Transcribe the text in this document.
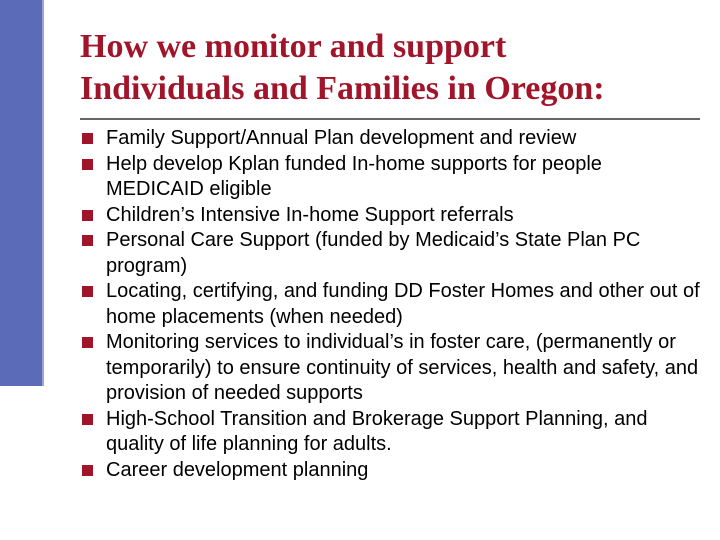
How we monitor and support
Individuals and Families in Oregon:
Family Support/Annual Plan development and review
Help develop Kplan funded In-home supports for people MEDICAID eligible
Children’s Intensive In-home Support referrals
Personal Care Support (funded by Medicaid’s State Plan PC program)
Locating, certifying, and funding DD Foster Homes and other out of home placements (when needed)
Monitoring services to individual’s in foster care, (permanently or temporarily) to ensure continuity of services, health and safety, and provision of needed supports
High-School Transition and Brokerage Support Planning, and quality of life planning for adults.
Career development planning
